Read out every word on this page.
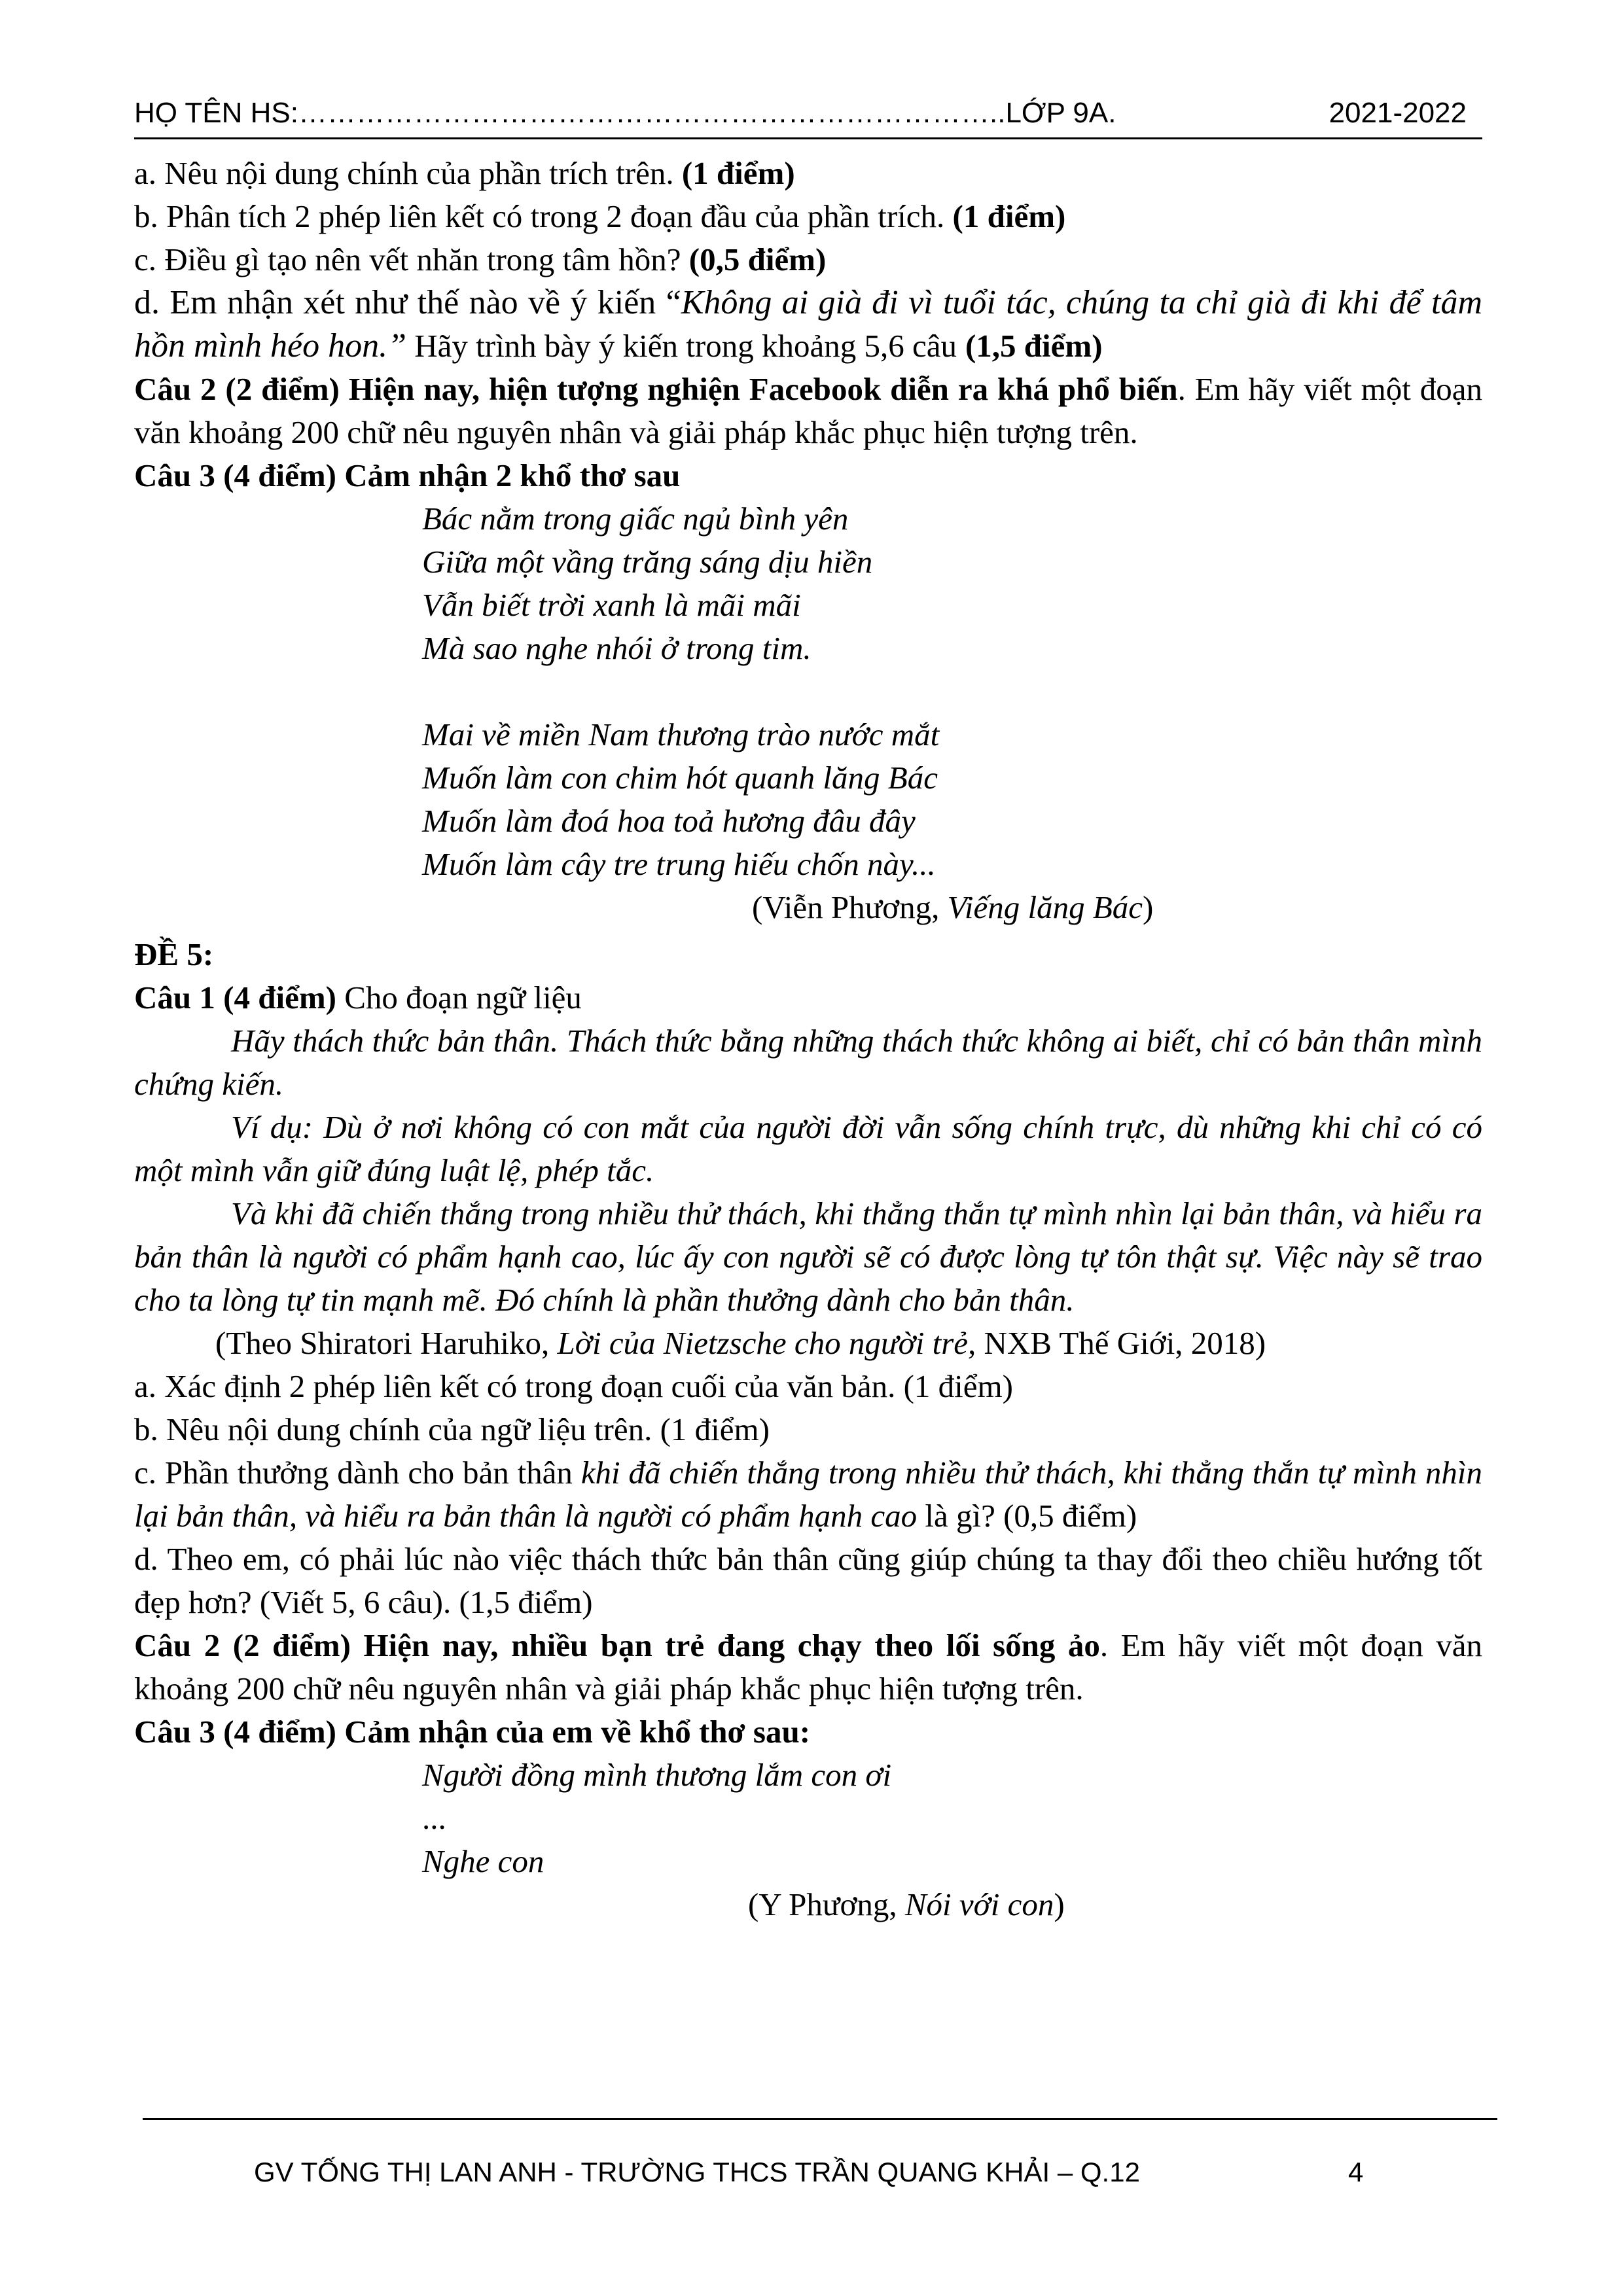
HỌ TÊN HS:………………………………………………………………..LỚP 9A.	2021-2022

a. Nêu nội dung chính của phần trích trên. (1 điểm)

b. Phân tích 2 phép liên kết có trong 2 đoạn đầu của phần trích. (1 điểm)

c. Điều gì tạo nên vết nhăn trong tâm hồn? (0,5 điểm)

d. Em nhận xét như thế nào về ý kiến “Không ai già đi vì tuổi tác, chúng ta chỉ già đi khi để tâm hồn mình héo hon.” Hãy trình bày ý kiến trong khoảng 5,6 câu (1,5 điểm)

Câu 2 (2 điểm) Hiện nay, hiện tượng nghiện Facebook diễn ra khá phổ biến. Em hãy viết một đoạn văn khoảng 200 chữ nêu nguyên nhân và giải pháp khắc phục hiện tượng trên.

Câu 3 (4 điểm) Cảm nhận 2 khổ thơ sau

Bác nằm trong giấc ngủ bình yên

Giữa một vầng trăng sáng dịu hiền

Vẫn biết trời xanh là mãi mãi

Mà sao nghe nhói ở trong tim.

Mai về miền Nam thương trào nước mắt

Muốn làm con chim hót quanh lăng Bác

Muốn làm đoá hoa toả hương đâu đây

Muốn làm cây tre trung hiếu chốn này...

(Viễn Phương, Viếng lăng Bác)

ĐỀ 5:

Câu 1 (4 điểm) Cho đoạn ngữ liệu

Hãy thách thức bản thân. Thách thức bằng những thách thức không ai biết, chỉ có bản thân mình chứng kiến.

Ví dụ: Dù ở nơi không có con mắt của người đời vẫn sống chính trực, dù những khi chỉ có có một mình vẫn giữ đúng luật lệ, phép tắc.

Và khi đã chiến thắng trong nhiều thử thách, khi thẳng thắn tự mình nhìn lại bản thân, và hiểu ra bản thân là người có phẩm hạnh cao, lúc ấy con người sẽ có được lòng tự tôn thật sự. Việc này sẽ trao cho ta lòng tự tin mạnh mẽ. Đó chính là phần thưởng dành cho bản thân.

(Theo Shiratori Haruhiko, Lời của Nietzsche cho người trẻ, NXB Thế Giới, 2018)

a. Xác định 2 phép liên kết có trong đoạn cuối của văn bản. (1 điểm)

b. Nêu nội dung chính của ngữ liệu trên. (1 điểm)

c. Phần thưởng dành cho bản thân khi đã chiến thắng trong nhiều thử thách, khi thẳng thắn tự mình nhìn lại bản thân, và hiểu ra bản thân là người có phẩm hạnh cao là gì? (0,5 điểm)

d. Theo em, có phải lúc nào việc thách thức bản thân cũng giúp chúng ta thay đổi theo chiều hướng tốt đẹp hơn? (Viết 5, 6 câu). (1,5 điểm)

Câu 2 (2 điểm) Hiện nay, nhiều bạn trẻ đang chạy theo lối sống ảo. Em hãy viết một đoạn văn khoảng 200 chữ nêu nguyên nhân và giải pháp khắc phục hiện tượng trên.

Câu 3 (4 điểm) Cảm nhận của em về khổ thơ sau:

Người đồng mình thương lắm con ơi

...

Nghe con

(Y Phương, Nói với con)

GV TỐNG THỊ LAN ANH - TRƯỜNG THCS TRẦN QUANG KHẢI – Q.12	4
